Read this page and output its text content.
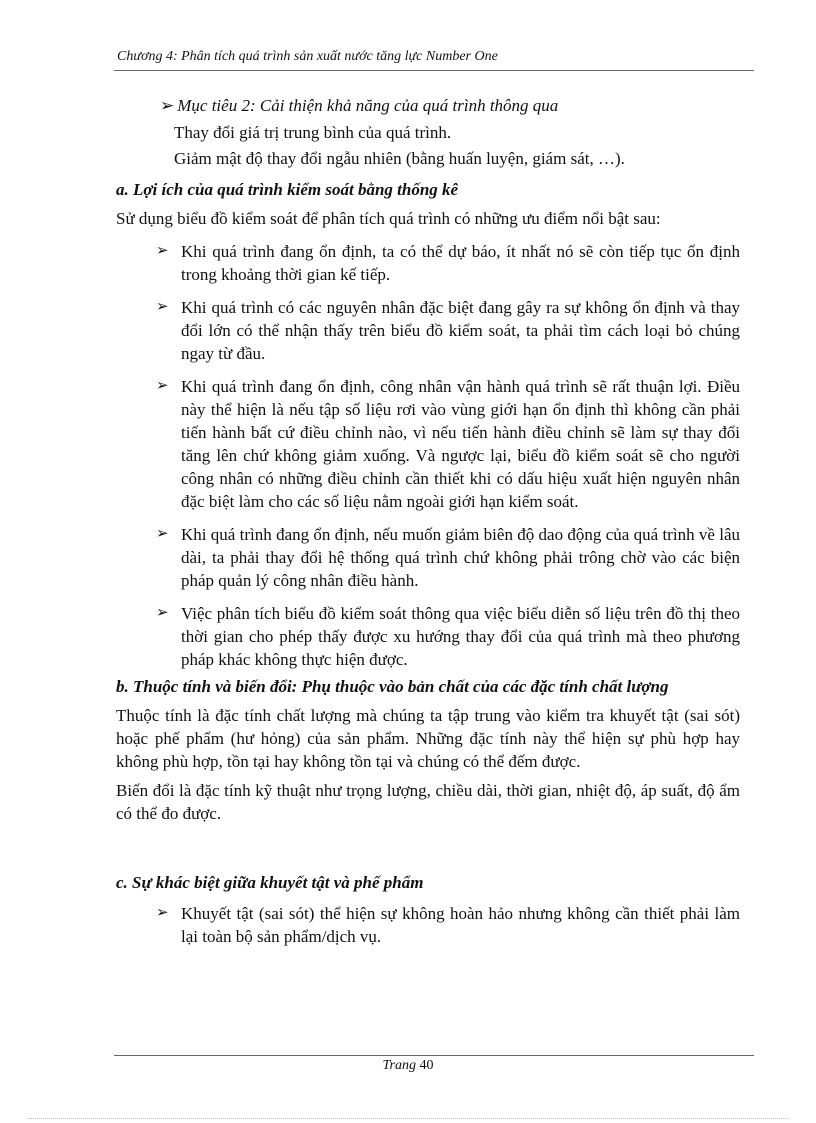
Chương 4: Phân tích quá trình sản xuất nước tăng lực Number One
➢ Mục tiêu 2: Cải thiện khả năng của quá trình thông qua
Thay đổi giá trị trung bình của quá trình.
Giảm mật độ thay đổi ngẫu nhiên (bằng huấn luyện, giám sát, …).
a. Lợi ích của quá trình kiểm soát bằng thống kê
Sử dụng biểu đồ kiểm soát để phân tích quá trình có những ưu điểm nổi bật sau:
➢ Khi quá trình đang ổn định, ta có thể dự báo, ít nhất nó sẽ còn tiếp tục ổn định trong khoảng thời gian kế tiếp.
➢ Khi quá trình có các nguyên nhân đặc biệt đang gây ra sự không ổn định và thay đổi lớn có thể nhận thấy trên biểu đồ kiểm soát, ta phải tìm cách loại bỏ chúng ngay từ đầu.
➢ Khi quá trình đang ổn định, công nhân vận hành quá trình sẽ rất thuận lợi. Điều này thể hiện là nếu tập số liệu rơi vào vùng giới hạn ổn định thì không cần phải tiến hành bất cứ điều chỉnh nào, vì nếu tiến hành điều chỉnh sẽ làm sự thay đổi tăng lên chứ không giảm xuống. Và ngược lại, biểu đồ kiểm soát sẽ cho người công nhân có những điều chỉnh cần thiết khi có dấu hiệu xuất hiện nguyên nhân đặc biệt làm cho các số liệu nằm ngoài giới hạn kiểm soát.
➢ Khi quá trình đang ổn định, nếu muốn giảm biên độ dao động của quá trình về lâu dài, ta phải thay đổi hệ thống quá trình chứ không phải trông chờ vào các biện pháp quản lý công nhân điều hành.
➢ Việc phân tích biểu đồ kiểm soát thông qua việc biểu diễn số liệu trên đồ thị theo thời gian cho phép thấy được xu hướng thay đổi của quá trình mà theo phương pháp khác không thực hiện được.
b. Thuộc tính và biến đổi: Phụ thuộc vào bản chất của các đặc tính chất lượng
Thuộc tính là đặc tính chất lượng mà chúng ta tập trung vào kiểm tra khuyết tật (sai sót) hoặc phế phẩm (hư hỏng) của sản phẩm. Những đặc tính này thể hiện sự phù hợp hay không phù hợp, tồn tại hay không tồn tại và chúng có thể đếm được.
Biến đổi là đặc tính kỹ thuật như trọng lượng, chiều dài, thời gian, nhiệt độ, áp suất, độ ẩm có thể đo được.
c. Sự khác biệt giữa khuyết tật và phế phẩm
➢ Khuyết tật (sai sót) thể hiện sự không hoàn hảo nhưng không cần thiết phải làm lại toàn bộ sản phẩm/dịch vụ.
Trang 40
